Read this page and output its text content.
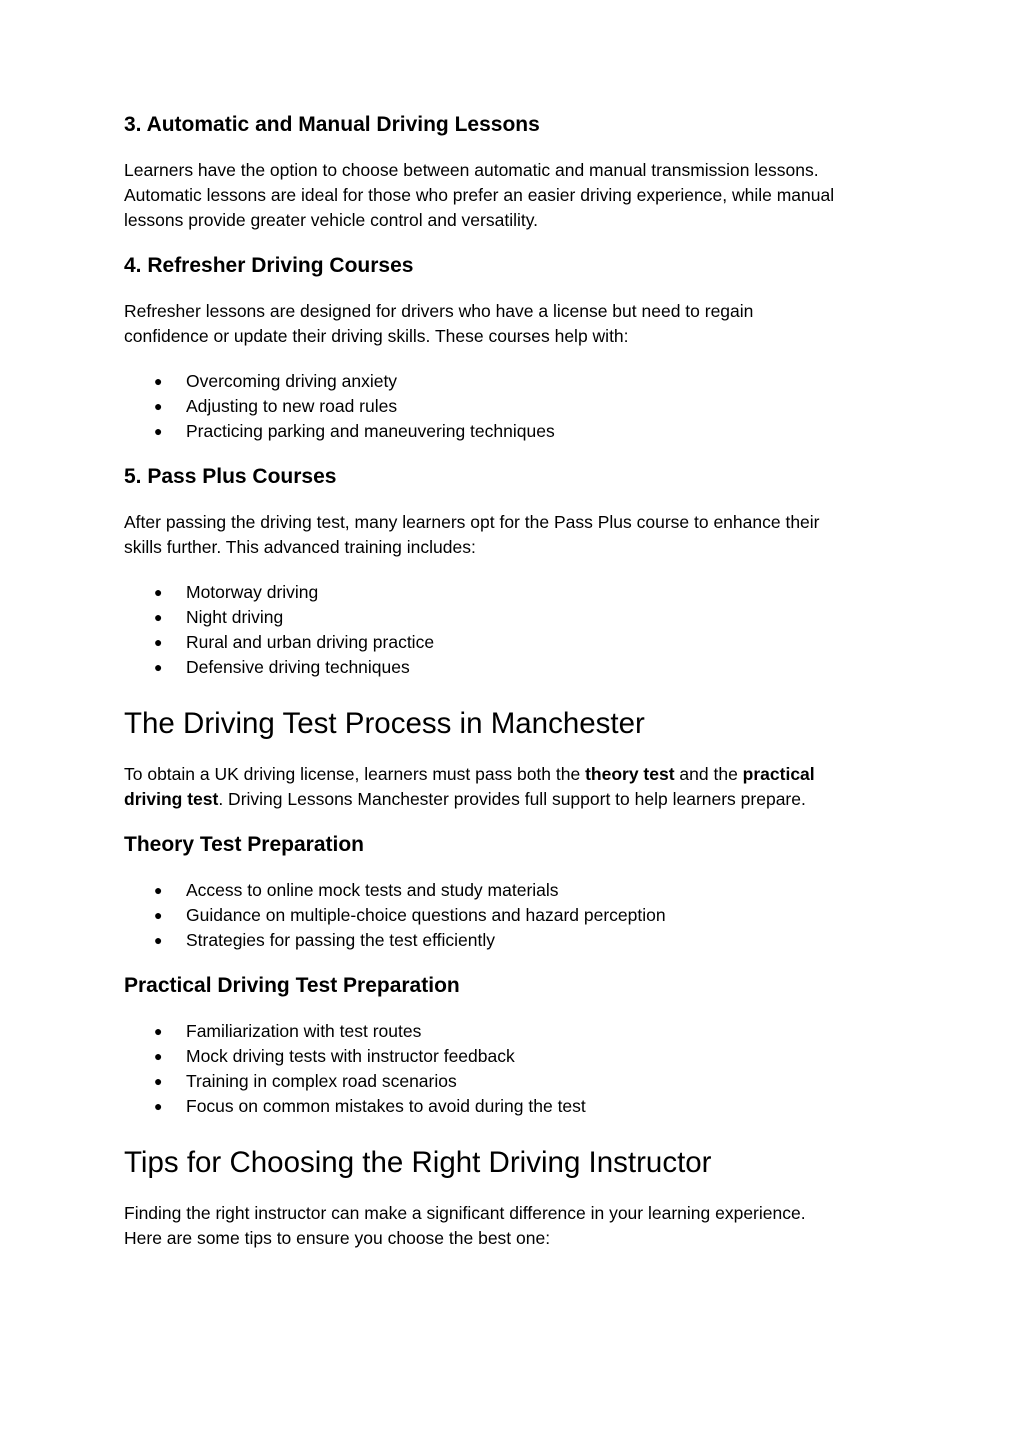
3. Automatic and Manual Driving Lessons

Learners have the option to choose between automatic and manual transmission lessons.
Automatic lessons are ideal for those who prefer an easier driving experience, while manual
lessons provide greater vehicle control and versatility.

4. Refresher Driving Courses

Refresher lessons are designed for drivers who have a license but need to regain
confidence or update their driving skills. These courses help with:

● Overcoming driving anxiety
● Adjusting to new road rules
● Practicing parking and maneuvering techniques
5. Pass Plus Courses

After passing the driving test, many learners opt for the Pass Plus course to enhance their
skills further. This advanced training includes:

● Motorway driving
● Night driving
● Rural and urban driving practice
● Defensive driving techniques
The Driving Test Process in Manchester

To obtain a UK driving license, learners must pass both the theory test and the practical
driving test. Driving Lessons Manchester provides full support to help learners prepare.

Theory Test Preparation
● Access to online mock tests and study materials
● Guidance on multiple-choice questions and hazard perception
● Strategies for passing the test efficiently
Practical Driving Test Preparation
● Familiarization with test routes
● Mock driving tests with instructor feedback
● Training in complex road scenarios
● Focus on common mistakes to avoid during the test
Tips for Choosing the Right Driving Instructor

Finding the right instructor can make a significant difference in your learning experience.
Here are some tips to ensure you choose the best one:
